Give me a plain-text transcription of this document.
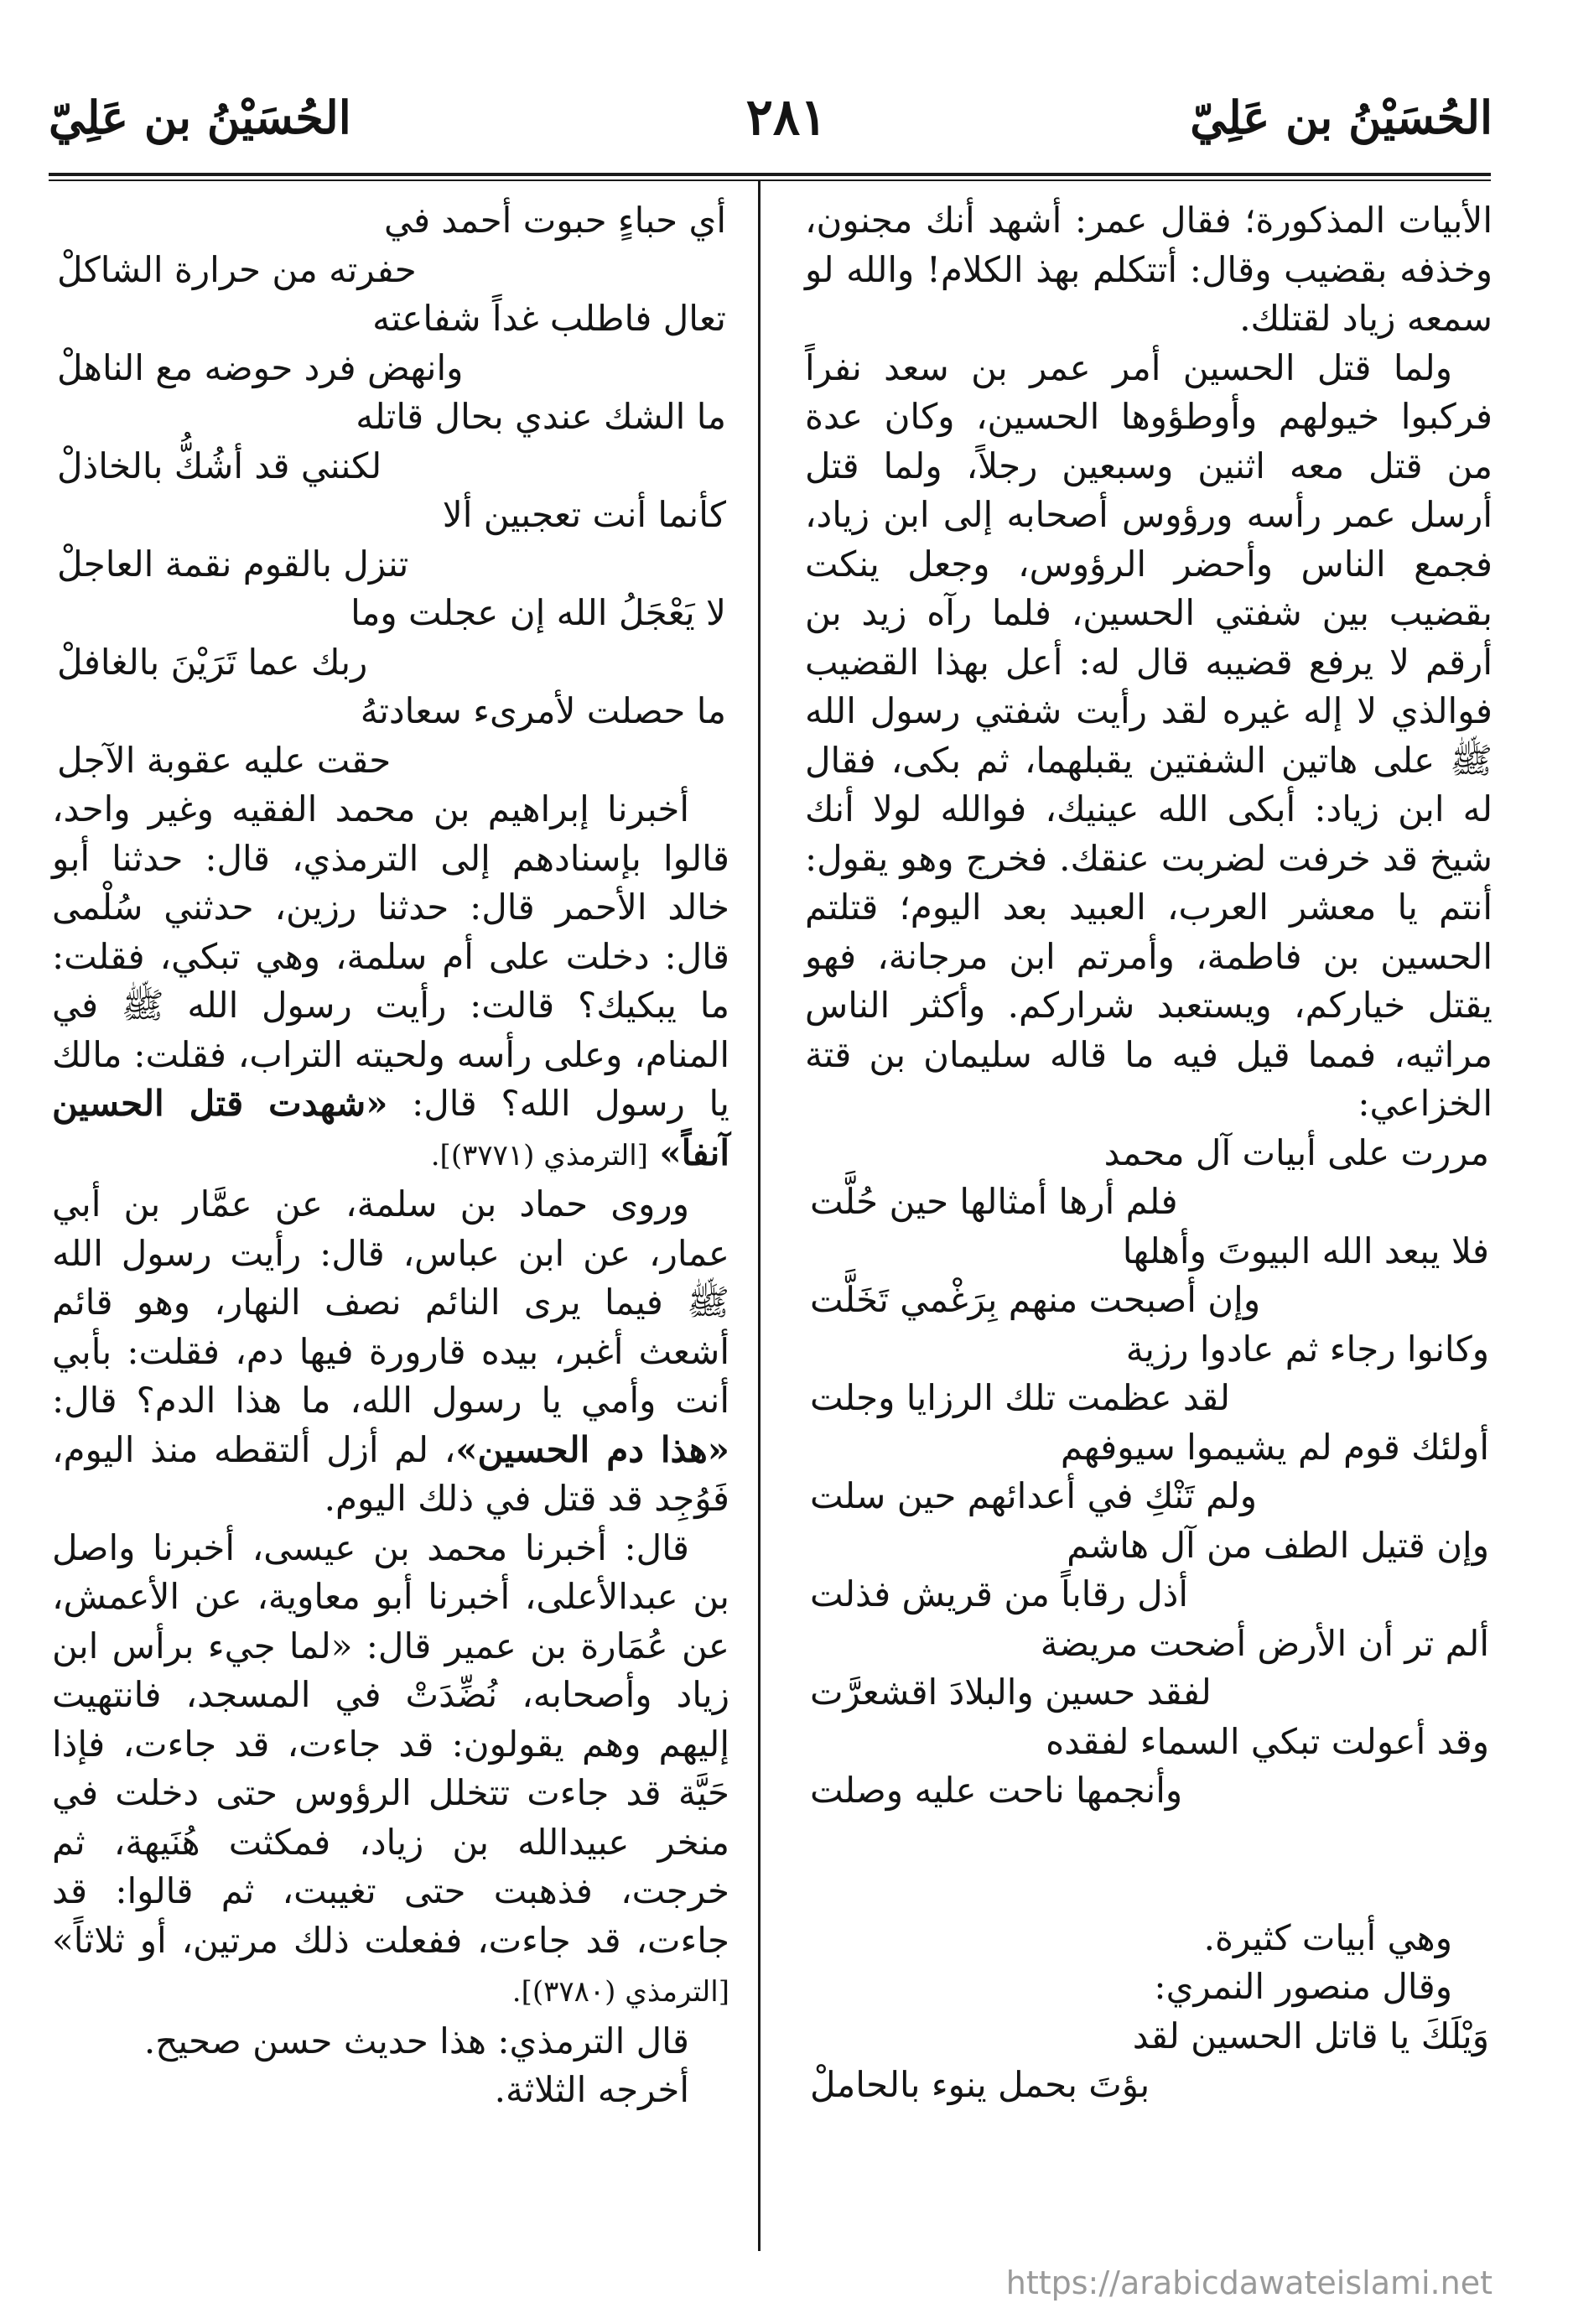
الحُسَيْنُ بن عَلِيّ
٢٨١
الحُسَيْنُ بن عَلِيّ

الأبيات المذكورة؛ فقال عمر: أشهد أنك مجنون، وخذفه بقضيب وقال: أتتكلم بهذ الكلام! والله لو سمعه زياد لقتلك.

ولما قتل الحسين أمر عمر بن سعد نفراً فركبوا خيولهم وأوطؤوها الحسين، وكان عدة من قتل معه اثنين وسبعين رجلاً، ولما قتل أرسل عمر رأسه ورؤوس أصحابه إلى ابن زياد، فجمع الناس وأحضر الرؤوس، وجعل ينكت بقضيب بين شفتي الحسين، فلما رآه زيد بن أرقم لا يرفع قضيبه قال له: أعل بهذا القضيب فوالذي لا إله غيره لقد رأيت شفتي رسول الله ﷺ على هاتين الشفتين يقبلهما، ثم بكى، فقال له ابن زياد: أبكى الله عينيك، فوالله لولا أنك شيخ قد خرفت لضربت عنقك. فخرج وهو يقول: أنتم يا معشر العرب، العبيد بعد اليوم؛ قتلتم الحسين بن فاطمة، وأمرتم ابن مرجانة، فهو يقتل خياركم، ويستعبد شراركم. وأكثر الناس مراثيه، فمما قيل فيه ما قاله سليمان بن قتة الخزاعي:

مررت على أبيات آل محمد

فلم أرها أمثالها حين حُلَّت

فلا يبعد الله البيوتَ وأهلها

وإن أصبحت منهم بِرَغْمي تَخَلَّت

وكانوا رجاء ثم عادوا رزية

لقد عظمت تلك الرزايا وجلت

أولئك قوم لم يشيموا سيوفهم

ولم تَنْكِ في أعدائهم حين سلت

وإن قتيل الطف من آل هاشم

أذل رقاباً من قريش فذلت

ألم تر أن الأرض أضحت مريضة

لفقد حسين والبلادَ اقشعرَّت

وقد أعولت تبكي السماء لفقده

وأنجمها ناحت عليه وصلت

وهي أبيات كثيرة.

وقال منصور النمري:

وَيْلَكَ يا قاتل الحسين لقد

بؤتَ بحمل ينوء بالحاملْ

أي حباءٍ حبوت أحمد في

حفرته من حرارة الشاكلْ

تعال فاطلب غداً شفاعته

وانهض فرد حوضه مع الناهلْ

ما الشك عندي بحال قاتله

لكنني قد أشُكُّ بالخاذلْ

كأنما أنت تعجبين ألا

تنزل بالقوم نقمة العاجلْ

لا يَعْجَلُ الله إن عجلت وما

ربك عما تَرَيْنَ بالغافلْ

ما حصلت لأمرىء سعادتهُ

حقت عليه عقوبة الآجل

أخبرنا إبراهيم بن محمد الفقيه وغير واحد، قالوا بإسنادهم إلى الترمذي، قال: حدثنا أبو خالد الأحمر قال: حدثنا رزين، حدثني سُلْمى قال: دخلت على أم سلمة، وهي تبكي، فقلت: ما يبكيك؟ قالت: رأيت رسول الله ﷺ في المنام، وعلى رأسه ولحيته التراب، فقلت: مالك يا رسول الله؟ قال: «شهدت قتل الحسين آنفاً» [الترمذي (٣٧٧١)].

وروى حماد بن سلمة، عن عمَّار بن أبي عمار، عن ابن عباس، قال: رأيت رسول الله ﷺ فيما يرى النائم نصف النهار، وهو قائم أشعث أغبر، بيده قارورة فيها دم، فقلت: بأبي أنت وأمي يا رسول الله، ما هذا الدم؟ قال: «هذا دم الحسين»، لم أزل ألتقطه منذ اليوم، فَوُجِد قد قتل في ذلك اليوم.

قال: أخبرنا محمد بن عيسى، أخبرنا واصل بن عبدالأعلى، أخبرنا أبو معاوية، عن الأعمش، عن عُمَارة بن عمير قال: «لما جيء برأس ابن زياد وأصحابه، نُضِّدَتْ في المسجد، فانتهيت إليهم وهم يقولون: قد جاءت، قد جاءت، فإذا حَيَّة قد جاءت تتخلل الرؤوس حتى دخلت في منخر عبيدالله بن زياد، فمكثت هُنَيهة، ثم خرجت، فذهبت حتى تغيبت، ثم قالوا: قد جاءت، قد جاءت، ففعلت ذلك مرتين، أو ثلاثاً» [الترمذي (٣٧٨٠)].

قال الترمذي: هذا حديث حسن صحيح.

أخرجه الثلاثة.

https://arabicdawateislami.net
